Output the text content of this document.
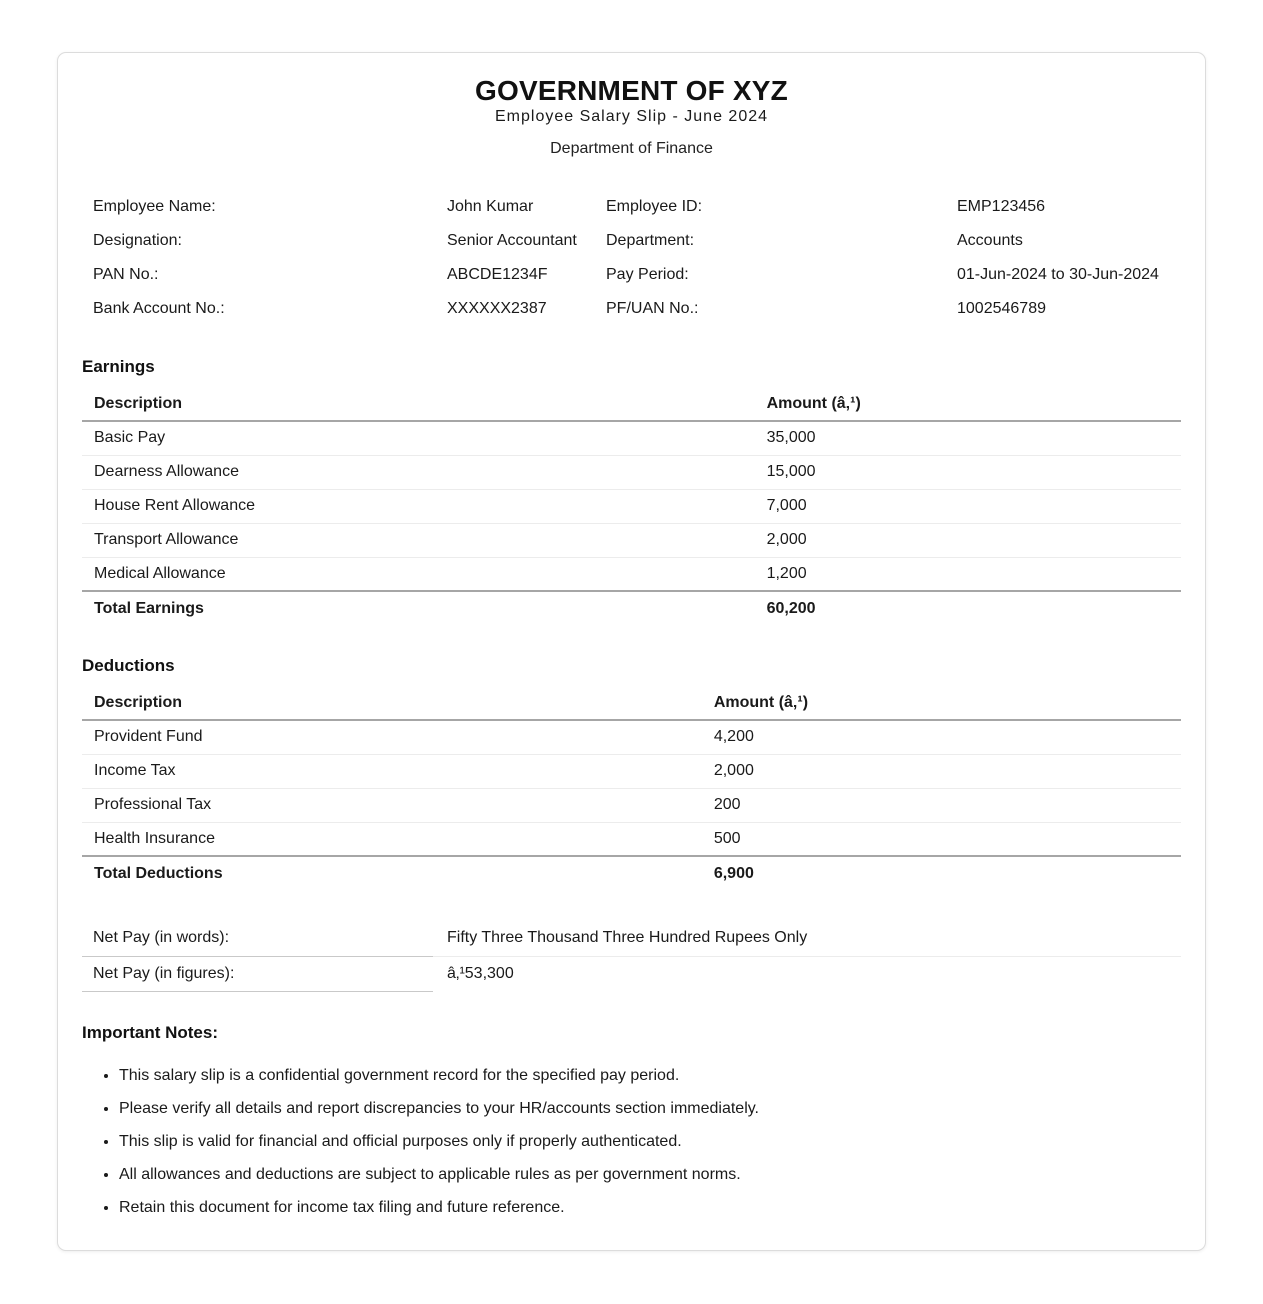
GOVERNMENT OF XYZ
Employee Salary Slip - June 2024
Department of Finance
Employee Name:	John Kumar	Employee ID:	EMP123456
Designation:	Senior Accountant	Department:	Accounts
PAN No.:	ABCDE1234F	Pay Period:	01-Jun-2024 to 30-Jun-2024
Bank Account No.:	XXXXXX2387	PF/UAN No.:	1002546789
Earnings
Description	Amount (â‚¹)
Basic Pay	35,000
Dearness Allowance	15,000
House Rent Allowance	7,000
Transport Allowance	2,000
Medical Allowance	1,200
Total Earnings	60,200
Deductions
Description	Amount (â‚¹)
Provident Fund	4,200
Income Tax	2,000
Professional Tax	200
Health Insurance	500
Total Deductions	6,900
Net Pay (in words):	Fifty Three Thousand Three Hundred Rupees Only
Net Pay (in figures):	â‚¹53,300
Important Notes:
• This salary slip is a confidential government record for the specified pay period.
• Please verify all details and report discrepancies to your HR/accounts section immediately.
• This slip is valid for financial and official purposes only if properly authenticated.
• All allowances and deductions are subject to applicable rules as per government norms.
• Retain this document for income tax filing and future reference.
